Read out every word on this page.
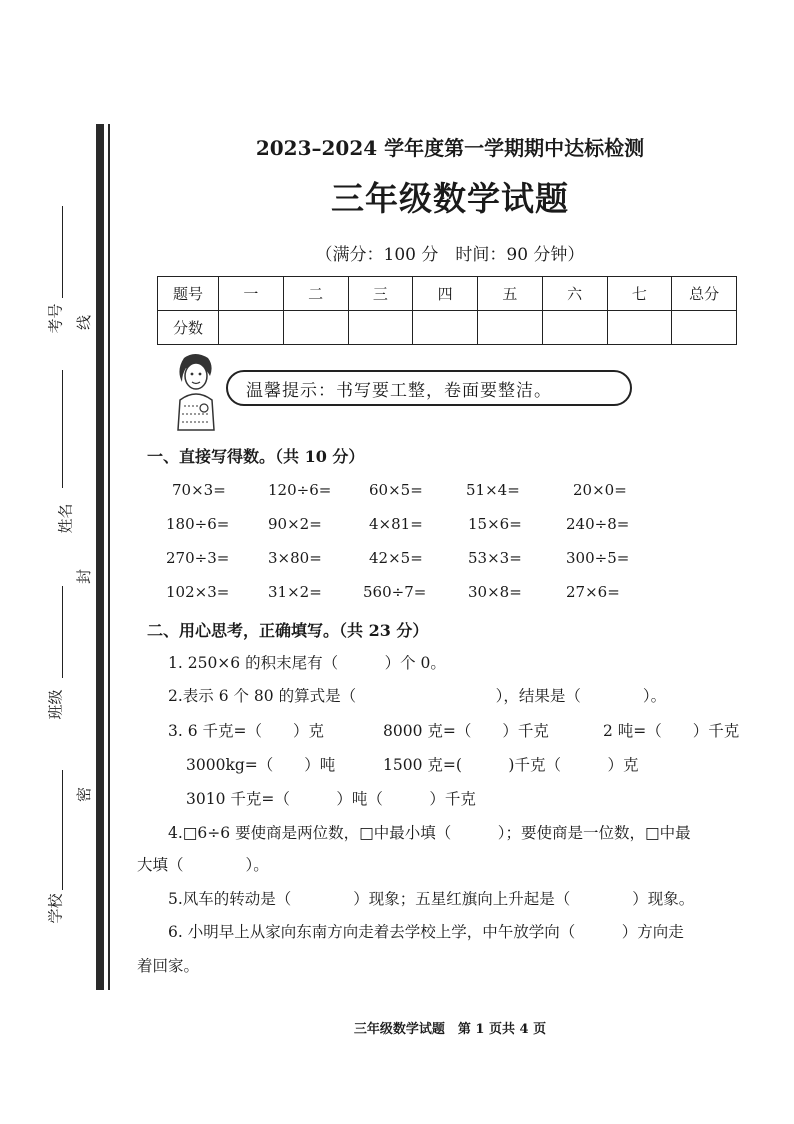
考号 线
姓名
封
班级
密
学校
2023–2024 学年度第一学期期中达标检测
三年级数学试题
（满分：100 分　时间：90 分钟）
题号	一	二	三	四	五	六	七	总分
分数								
温馨提示：书写要工整，卷面要整洁。
一、直接写得数。（共 10 分）
70×3=	120÷6=	60×5=	51×4=	20×0=
180÷6=	90×2=	4×81=	15×6=	240÷8=
270÷3=	3×80=	42×5=	53×3=	300÷5=
102×3=	31×2=	560÷7=	30×8=	27×6=
二、用心思考，正确填写。（共 23 分）
1. 250×6 的积末尾有（　　　）个 0。
2.表示 6 个 80 的算式是（　　　　　　　　　），结果是（　　　　）。
3. 6 千克=（　　）克	8000 克=（　　）千克	2 吨=（　　）千克
3000kg=（　　）吨	1500 克=(　　　)千克（　　　）克
3010 千克=（　　　）吨（　　　）千克
4.□6÷6 要使商是两位数，□中最小填（　　　）；要使商是一位数，□中最
大填（　　　　）。
5.风车的转动是（　　　　）现象；五星红旗向上升起是（　　　　）现象。
6. 小明早上从家向东南方向走着去学校上学，中午放学向（　　　）方向走
着回家。
三年级数学试题　第 1 页共 4 页
